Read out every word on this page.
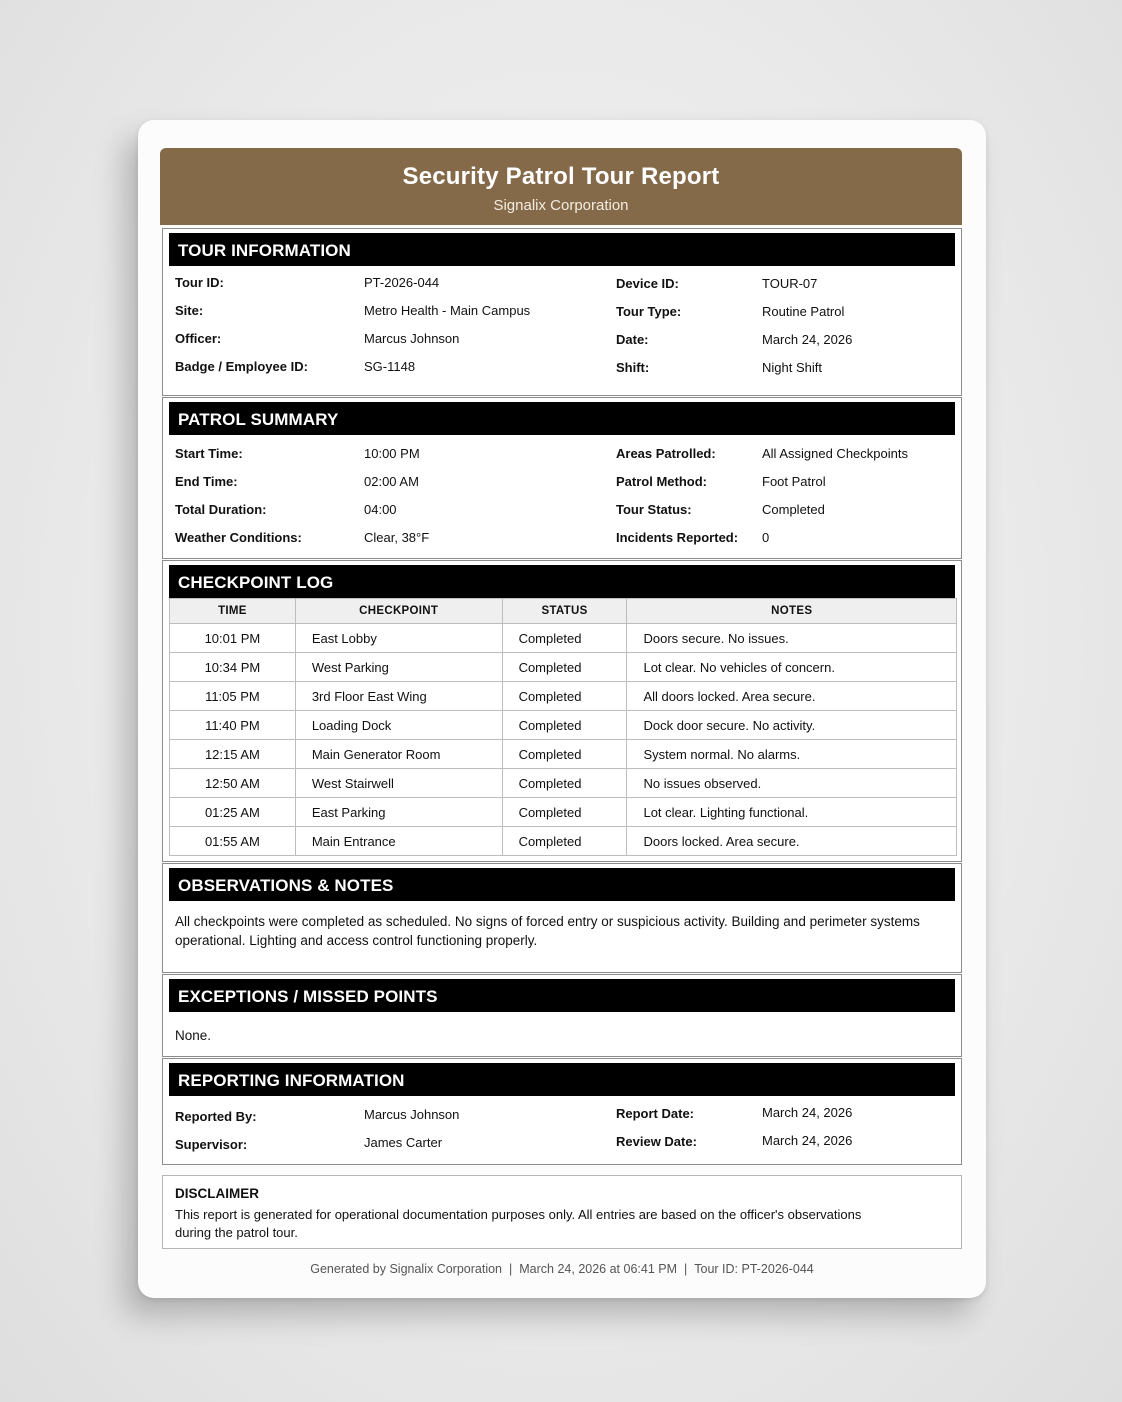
Security Patrol Tour Report
Signalix Corporation
TOUR INFORMATION
Tour ID:	PT-2026-044
Site:	Metro Health - Main Campus
Officer:	Marcus Johnson
Badge / Employee ID:	SG-1148
Device ID:	TOUR-07
Tour Type:	Routine Patrol
Date:	March 24, 2026
Shift:	Night Shift
PATROL SUMMARY
Start Time:	10:00 PM
End Time:	02:00 AM
Total Duration:	04:00
Weather Conditions:	Clear, 38°F
Areas Patrolled:	All Assigned Checkpoints
Patrol Method:	Foot Patrol
Tour Status:	Completed
Incidents Reported: 0
CHECKPOINT LOG
TIME	CHECKPOINT	STATUS	NOTES
10:01 PM	East Lobby	Completed	Doors secure. No issues.
10:34 PM	West Parking	Completed	Lot clear. No vehicles of concern.
11:05 PM	3rd Floor East Wing	Completed	All doors locked. Area secure.
11:40 PM	Loading Dock	Completed	Dock door secure. No activity.
12:15 AM	Main Generator Room	Completed	System normal. No alarms.
12:50 AM	West Stairwell	Completed	No issues observed.
01:25 AM	East Parking	Completed	Lot clear. Lighting functional.
01:55 AM	Main Entrance	Completed	Doors locked. Area secure.
OBSERVATIONS & NOTES
All checkpoints were completed as scheduled. No signs of forced entry or suspicious activity. Building and perimeter systems operational. Lighting and access control functioning properly.
EXCEPTIONS / MISSED POINTS
None.
REPORTING INFORMATION
Reported By:	Marcus Johnson
Supervisor:	James Carter
Report Date:	March 24, 2026
Review Date:	March 24, 2026
DISCLAIMER
This report is generated for operational documentation purposes only. All entries are based on the officer's observations during the patrol tour.
Generated by Signalix Corporation | March 24, 2026 at 06:41 PM | Tour ID: PT-2026-044
